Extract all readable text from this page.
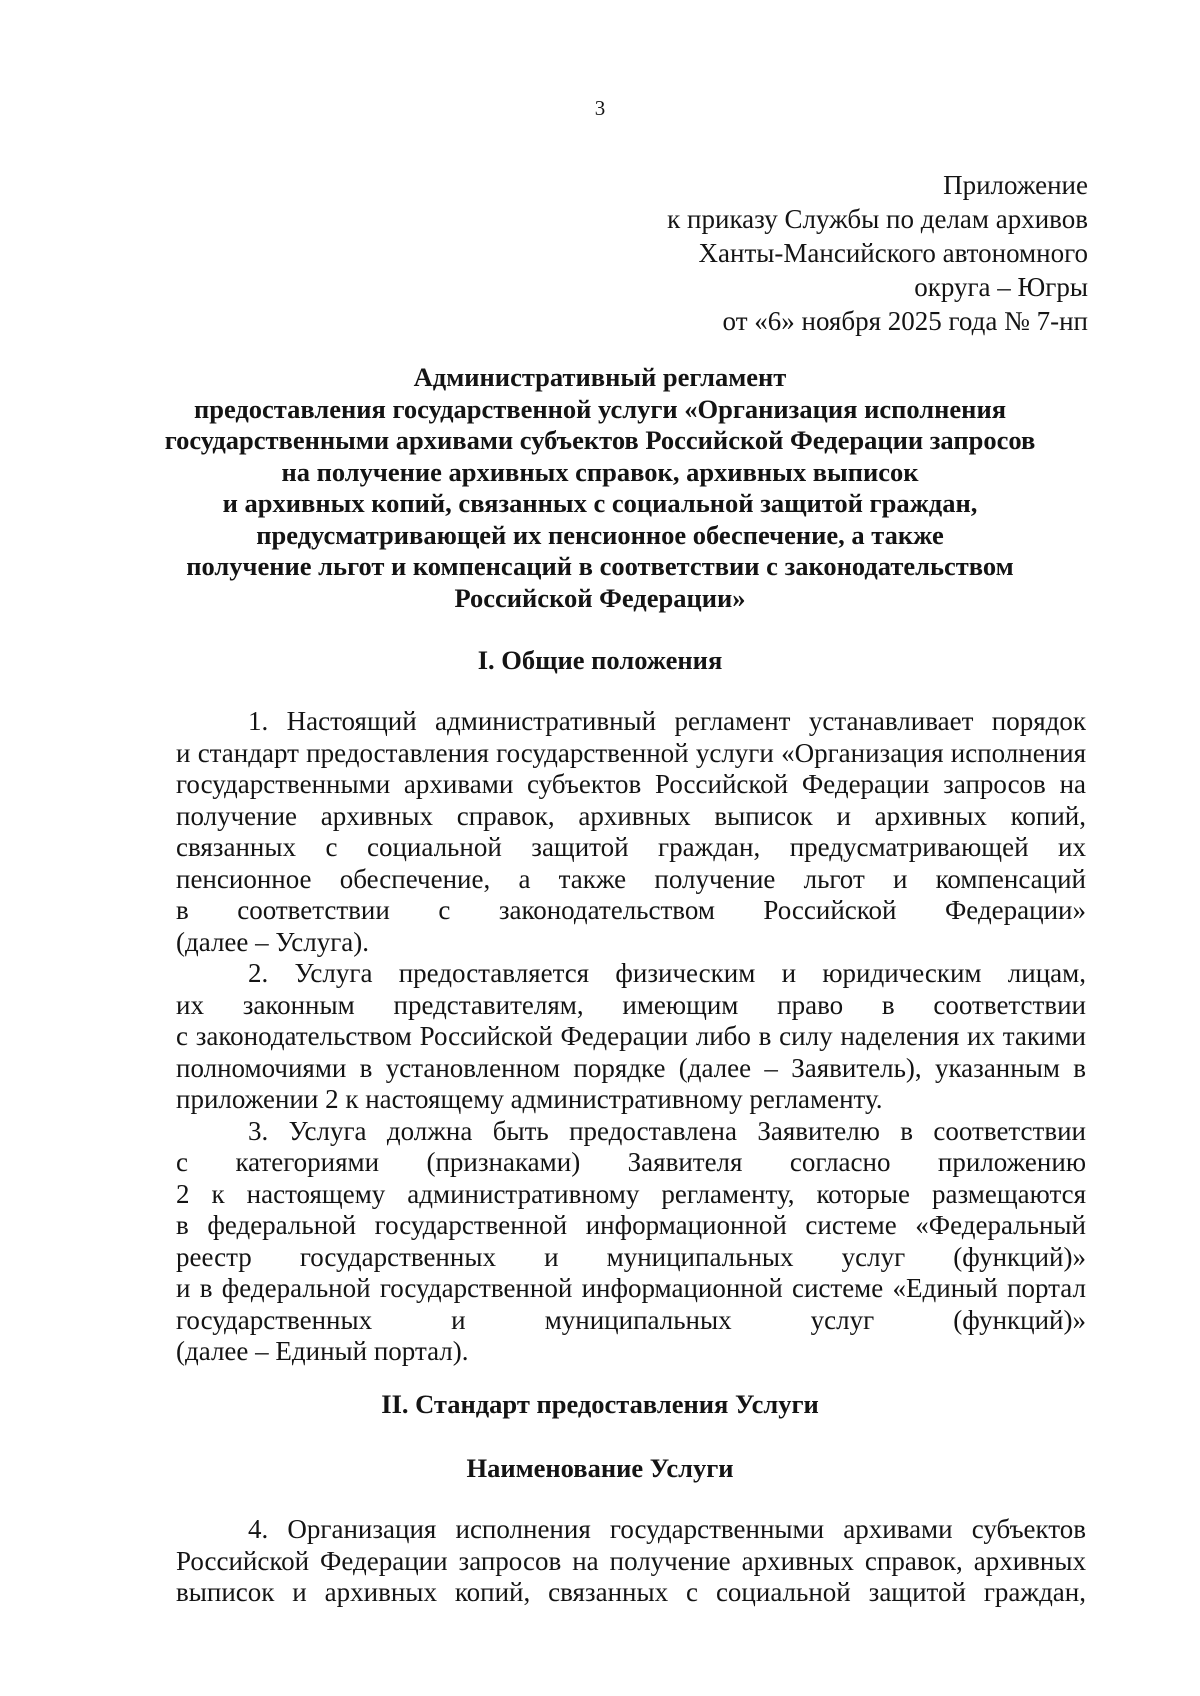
3
Приложение
к приказу Службы по делам архивов
Ханты-Мансийского автономного
округа – Югры
от «6» ноября 2025 года № 7-нп
Административный регламент
предоставления государственной услуги «Организация исполнения
государственными архивами субъектов Российской Федерации запросов
на получение архивных справок, архивных выписок
и архивных копий, связанных с социальной защитой граждан,
предусматривающей их пенсионное обеспечение, а также
получение льгот и компенсаций в соответствии с законодательством
Российской Федерации»
I. Общие положения
1. Настоящий административный регламент устанавливает порядок
и стандарт предоставления государственной услуги «Организация исполнения
государственными архивами субъектов Российской Федерации запросов на
получение архивных справок, архивных выписок и архивных копий,
связанных с социальной защитой граждан, предусматривающей их
пенсионное обеспечение, а также получение льгот и компенсаций
в соответствии с законодательством Российской Федерации»
(далее – Услуга).
2. Услуга предоставляется физическим и юридическим лицам,
их законным представителям, имеющим право в соответствии
с законодательством Российской Федерации либо в силу наделения их такими
полномочиями в установленном порядке (далее – Заявитель), указанным в
приложении 2 к настоящему административному регламенту.
3. Услуга должна быть предоставлена Заявителю в соответствии
с категориями (признаками) Заявителя согласно приложению
2 к настоящему административному регламенту, которые размещаются
в федеральной государственной информационной системе «Федеральный
реестр государственных и муниципальных услуг (функций)»
и в федеральной государственной информационной системе «Единый портал
государственных и муниципальных услуг (функций)»
(далее – Единый портал).
II. Стандарт предоставления Услуги
Наименование Услуги
4. Организация исполнения государственными архивами субъектов
Российской Федерации запросов на получение архивных справок, архивных
выписок и архивных копий, связанных с социальной защитой граждан,
